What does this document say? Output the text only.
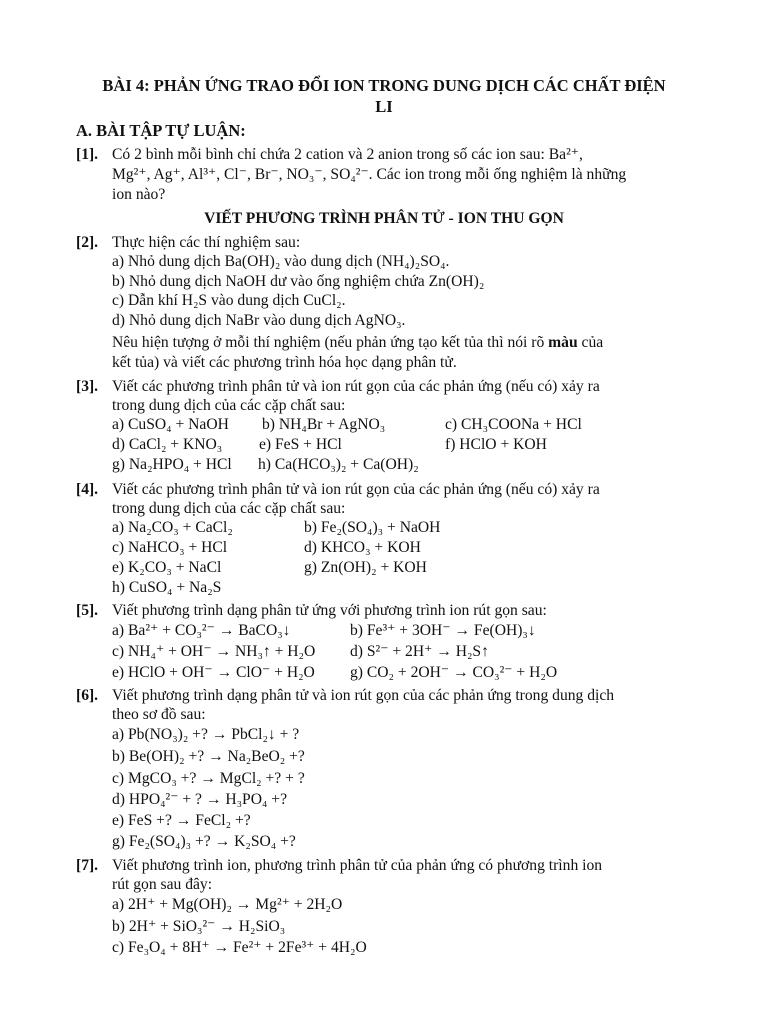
BÀI 4: PHẢN ỨNG TRAO ĐỔI ION TRONG DUNG DỊCH CÁC CHẤT ĐIỆN
LI
A. BÀI TẬP TỰ LUẬN:
[1]. Có 2 bình mỗi bình chỉ chứa 2 cation và 2 anion trong số các ion sau: Ba²⁺,
Mg²⁺, Ag⁺, Al³⁺, Cl⁻, Br⁻, NO₃⁻, SO₄²⁻. Các ion trong mỗi ống nghiệm là những
ion nào?
VIẾT PHƯƠNG TRÌNH PHÂN TỬ - ION THU GỌN
[2]. Thực hiện các thí nghiệm sau:
a) Nhỏ dung dịch Ba(OH)₂ vào dung dịch (NH₄)₂SO₄.
b) Nhỏ dung dịch NaOH dư vào ống nghiệm chứa Zn(OH)₂
c) Dẫn khí H₂S vào dung dịch CuCl₂.
d) Nhỏ dung dịch NaBr vào dung dịch AgNO₃.
Nêu hiện tượng ở mỗi thí nghiệm (nếu phản ứng tạo kết tủa thì nói rõ màu của
kết tủa) và viết các phương trình hóa học dạng phân tử.
[3]. Viết các phương trình phân tử và ion rút gọn của các phản ứng (nếu có) xảy ra
trong dung dịch của các cặp chất sau:
a) CuSO₄ + NaOH b) NH₄Br + AgNO₃	c) CH₃COONa + HCl
d) CaCl₂ + KNO₃ e) FeS + HCl	f) HClO + KOH
g) Na₂HPO₄ + HCl h) Ca(HCO₃)₂ + Ca(OH)₂
[4]. Viết các phương trình phân tử và ion rút gọn của các phản ứng (nếu có) xảy ra
trong dung dịch của các cặp chất sau:
a) Na₂CO₃ + CaCl₂	b) Fe₂(SO₄)₃ + NaOH
c) NaHCO₃ + HCl	d) KHCO₃ + KOH
e) K₂CO₃ + NaCl	g) Zn(OH)₂ + KOH
h) CuSO₄ + Na₂S
[5]. Viết phương trình dạng phân tử ứng với phương trình ion rút gọn sau:
a) Ba²⁺ + CO₃²⁻ → BaCO₃↓	b) Fe³⁺ + 3OH⁻ → Fe(OH)₃↓
c) NH₄⁺ + OH⁻ → NH₃↑ + H₂O d) S²⁻ + 2H⁺ → H₂S↑
e) HClO + OH⁻ → ClO⁻ + H₂O g) CO₂ + 2OH⁻ → CO₃²⁻ + H₂O
[6]. Viết phương trình dạng phân tử và ion rút gọn của các phản ứng trong dung dịch
theo sơ đồ sau:
a) Pb(NO₃)₂ +? → PbCl₂↓ + ?
b) Be(OH)₂ +? → Na₂BeO₂ +?
c) MgCO₃ +? → MgCl₂ +? + ?
d) HPO₄²⁻ + ? → H₃PO₄ +?
e) FeS +? → FeCl₂ +?
g) Fe₂(SO₄)₃ +? → K₂SO₄ +?
[7]. Viết phương trình ion, phương trình phân tử của phản ứng có phương trình ion
rút gọn sau đây:
a) 2H⁺ + Mg(OH)₂ → Mg²⁺ + 2H₂O
b) 2H⁺ + SiO₃²⁻ → H₂SiO₃
c) Fe₃O₄ + 8H⁺ → Fe²⁺ + 2Fe³⁺ + 4H₂O
